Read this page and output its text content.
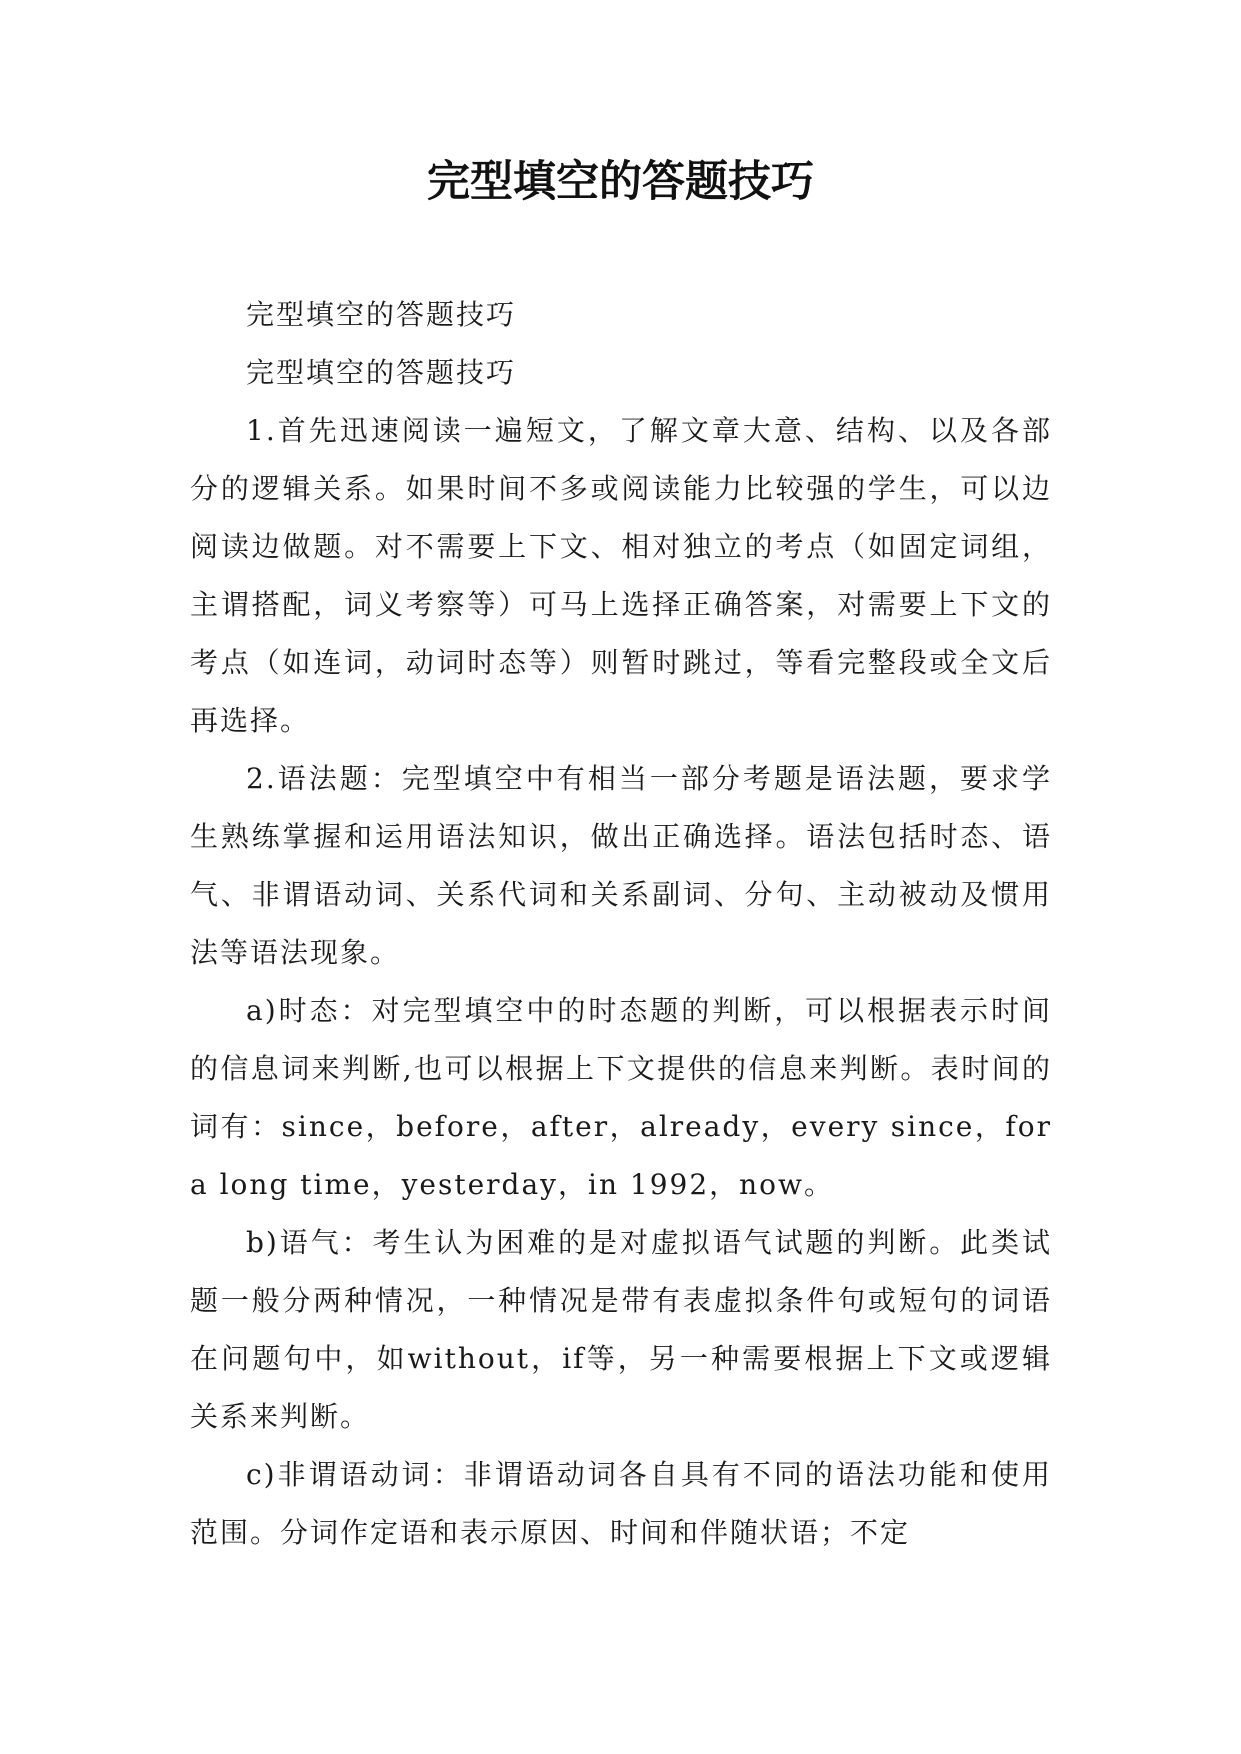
完型填空的答题技巧

完型填空的答题技巧

完型填空的答题技巧

1.首先迅速阅读一遍短文，了解文章大意、结构、以及各部分的逻辑关系。如果时间不多或阅读能力比较强的学生，可以边阅读边做题。对不需要上下文、相对独立的考点（如固定词组，主谓搭配，词义考察等）可马上选择正确答案，对需要上下文的考点（如连词，动词时态等）则暂时跳过，等看完整段或全文后再选择。

2.语法题：完型填空中有相当一部分考题是语法题，要求学生熟练掌握和运用语法知识，做出正确选择。语法包括时态、语气、非谓语动词、关系代词和关系副词、分句、主动被动及惯用法等语法现象。

a)时态：对完型填空中的时态题的判断，可以根据表示时间的信息词来判断,也可以根据上下文提供的信息来判断。表时间的词有：since，before，after，already，every since，for a long time，yesterday，in 1992，now。

b)语气：考生认为困难的是对虚拟语气试题的判断。此类试题一般分两种情况，一种情况是带有表虚拟条件句或短句的词语在问题句中，如without，if等，另一种需要根据上下文或逻辑关系来判断。

c)非谓语动词：非谓语动词各自具有不同的语法功能和使用范围。分词作定语和表示原因、时间和伴随状语；不定
